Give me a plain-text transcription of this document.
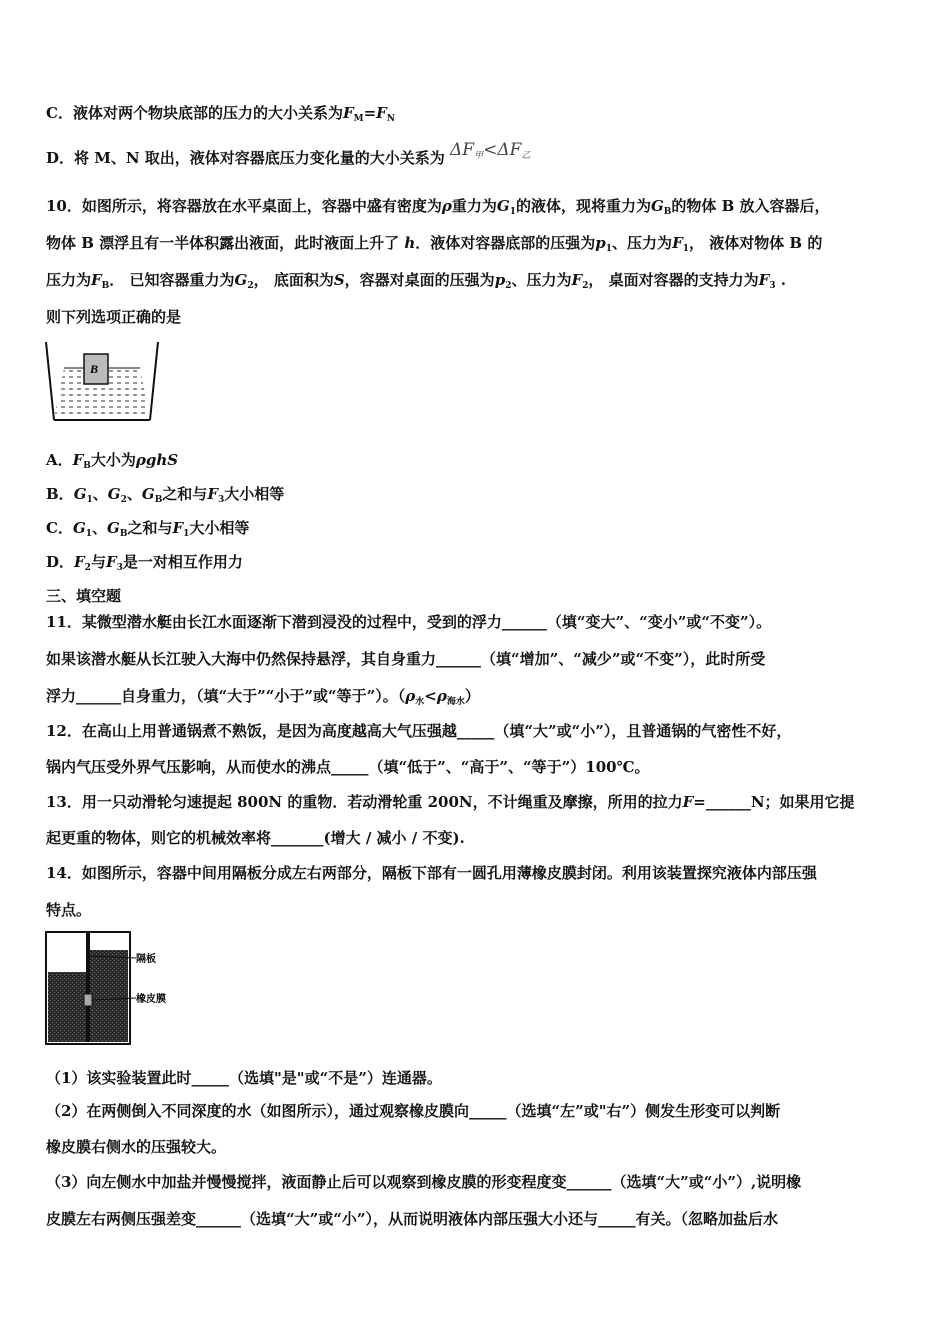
C．液体对两个物块底部的压力的大小关系为$F_M=F_N$
D．将 M、N 取出，液体对容器底压力变化量的大小关系为 $\Delta F_甲<\Delta F_乙$
10．如图所示，将容器放在水平桌面上，容器中盛有密度为ρ重力为$G_1$的液体，现将重力为$G_B$的物体 B 放入容器后，
物体 B 漂浮且有一半体积露出液面，此时液面上升了 h．液体对容器底部的压强为$p_1$、压力为$F_1$， 液体对物体 B 的
压力为$F_B$． 已知容器重力为$G_2$， 底面积为S，容器对桌面的压强为$p_2$、压力为$F_2$， 桌面对容器的支持力为$F_3$ .
则下列选项正确的是
B
A．$F_B$大小为ρghS
B．$G_1$、$G_2$、$G_B$之和与$F_3$大小相等
C．$G_1$、$G_B$之和与$F_1$大小相等
D．$F_2$与$F_3$是一对相互作用力
三、填空题
11．某微型潜水艇由长江水面逐渐下潜到浸没的过程中，受到的浮力______（填“变大”、“变小”或“不变”）。
如果该潜水艇从长江驶入大海中仍然保持悬浮，其自身重力______（填“增加”、“减少”或“不变”），此时所受
浮力______自身重力，（填“大于”“小于”或“等于”）。$(\rho_水<\rho_{海水})$
12．在高山上用普通锅煮不熟饭，是因为高度越高大气压强越_____（填“大”或“小”），且普通锅的气密性不好，
锅内气压受外界气压影响，从而使水的沸点_____（填“低于”、“高于”、“等于”）100℃。
13．用一只动滑轮匀速提起 800N 的重物．若动滑轮重 200N，不计绳重及摩擦，所用的拉力F=______N；如果用它提
起更重的物体，则它的机械效率将_______(增大 / 减小 / 不变).
14．如图所示，容器中间用隔板分成左右两部分，隔板下部有一圆孔用薄橡皮膜封闭。利用该装置探究液体内部压强
特点。
隔板
橡皮膜
（1）该实验装置此时_____（选填"是"或“不是”）连通器。
（2）在两侧倒入不同深度的水（如图所示），通过观察橡皮膜向_____（选填“左”或"右”）侧发生形变可以判断
橡皮膜右侧水的压强较大。
（3）向左侧水中加盐并慢慢搅拌，液面静止后可以观察到橡皮膜的形变程度变______（选填“大”或“小”）,说明橡
皮膜左右两侧压强差变______（选填“大”或“小”），从而说明液体内部压强大小还与_____有关。（忽略加盐后水
